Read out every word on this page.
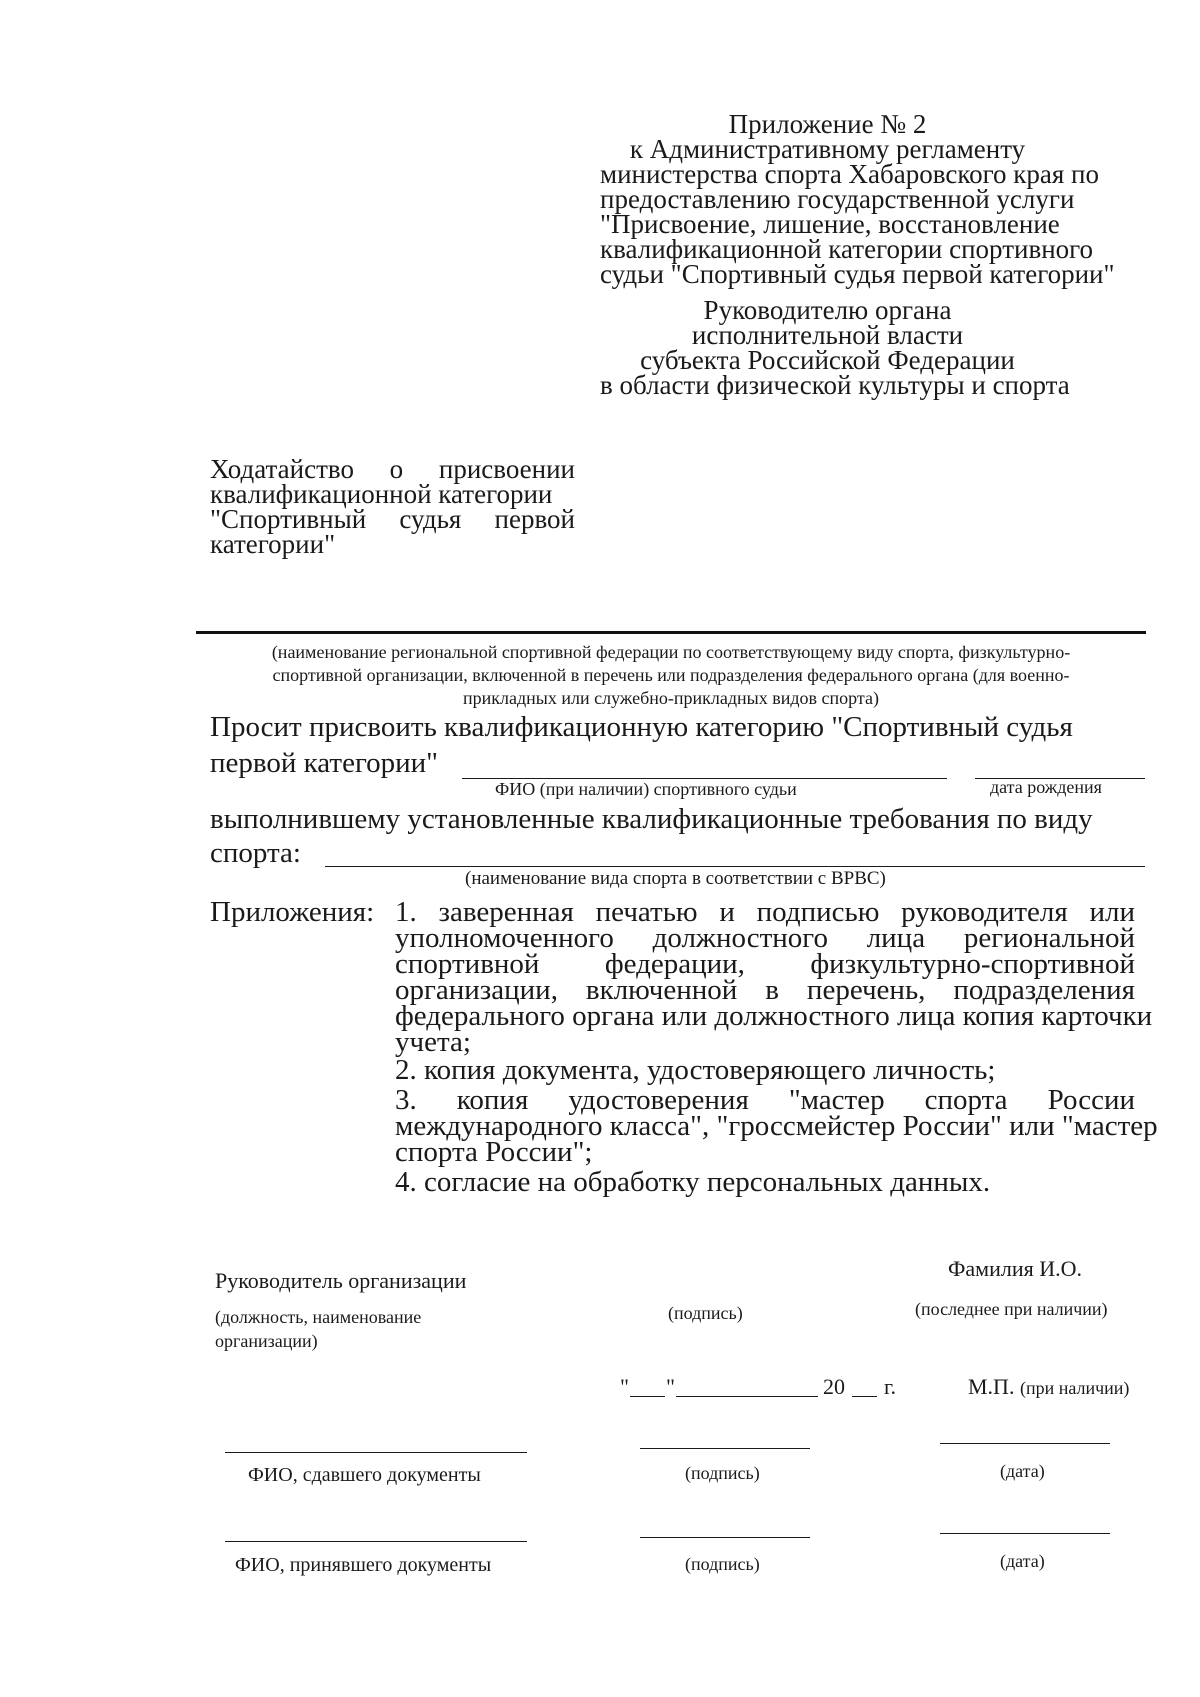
Приложение № 2
к Административному регламенту
министерства спорта Хабаровского края по
предоставлению государственной услуги
"Присвоение, лишение, восстановление
квалификационной категории спортивного
судьи "Спортивный судья первой категории"
Руководителю органа
исполнительной власти
субъекта Российской Федерации
в области физической культуры и спорта
Ходатайство о присвоении
квалификационной категории
"Спортивный судья первой
категории"
(наименование региональной спортивной федерации по соответствующему виду спорта, физкультурно-
спортивной организации, включенной в перечень или подразделения федерального органа (для военно-
прикладных или служебно-прикладных видов спорта)
Просит присвоить квалификационную категорию "Спортивный судья
первой категории"
ФИО (при наличии) спортивного судьи	дата рождения
выполнившему установленные квалификационные требования по виду
спорта:
(наименование вида спорта в соответствии с ВРВС)
Приложения: 1. заверенная печатью и подписью руководителя или
уполномоченного должностного лица региональной
спортивной федерации, физкультурно-спортивной
организации, включенной в перечень, подразделения
федерального органа или должностного лица копия карточки
учета;
2. копия документа, удостоверяющего личность;
3. копия удостоверения "мастер спорта России
международного класса", "гроссмейстер России" или "мастер
спорта России";
4. согласие на обработку персональных данных.
Руководитель организации	Фамилия И.О.
(должность, наименование
организации)
(подпись)	(последнее при наличии)
" "	20 г.	М.П. (при наличии)
ФИО, сдавшего документы	(подпись)	(дата)
ФИО, принявшего документы	(подпись)	(дата)
